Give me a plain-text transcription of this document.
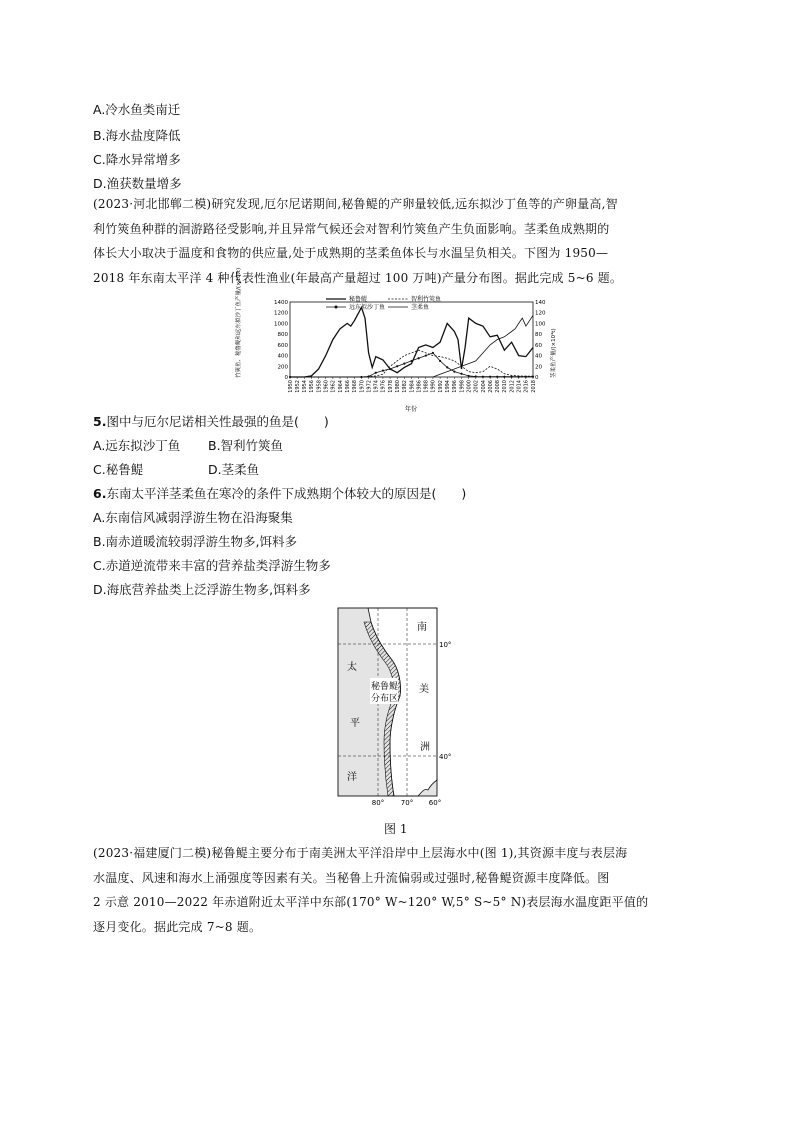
A.冷水鱼类南迁
B.海水盐度降低
C.降水异常增多
D.渔获数量增多
(2023·河北邯郸二模)研究发现,厄尔尼诺期间,秘鲁鳀的产卵量较低,远东拟沙丁鱼等的产卵量高,智
利竹筴鱼种群的洄游路径受影响,并且异常气候还会对智利竹筴鱼产生负面影响。茎柔鱼成熟期的
体长大小取决于温度和食物的供应量,处于成熟期的茎柔鱼体长与水温呈负相关。下图为 1950—
2018 年东南太平洋 4 种代表性渔业(年最高产量超过 100 万吨)产量分布图。据此完成 5~6 题。
秘鲁鳀	智利竹筴鱼
远东拟沙丁鱼	茎柔鱼
1400
1200
1000
800
600
400
200
0
140
120
100
80
60
40
20
0
1950 1952 1954 1956 1958 1960 1962 1964 1966 1968 1970 1972 1974 1976 1978 1980 1982 1984 1986 1988 1990 1992 1994 1996 1998 2000 2002 2004 2006 2008 2010 2012 2014 2016 2018
竹筴鱼、秘鲁鳀和远东拟沙丁鱼产量/(×10⁴t)	茎柔鱼产量/(×10⁴t)
年份
5.图中与厄尔尼诺相关性最强的鱼是(　　)
A.远东拟沙丁鱼 B.智利竹筴鱼
C.秘鲁鳀	D.茎柔鱼
6.东南太平洋茎柔鱼在寒冷的条件下成熟期个体较大的原因是(　　)
A.东南信风减弱浮游生物在沿海聚集
B.南赤道暖流较弱浮游生物多,饵料多
C.赤道逆流带来丰富的营养盐类浮游生物多
D.海底营养盐类上泛浮游生物多,饵料多
南
美
洲
太
平
洋
秘鲁鳀
分布区
10°
40°
80° 70° 60°
图 1
(2023·福建厦门二模)秘鲁鳀主要分布于南美洲太平洋沿岸中上层海水中(图 1),其资源丰度与表层海
水温度、风速和海水上涌强度等因素有关。当秘鲁上升流偏弱或过强时,秘鲁鳀资源丰度降低。图
2 示意 2010—2022 年赤道附近太平洋中东部(170° W~120° W,5° S~5° N)表层海水温度距平值的
逐月变化。据此完成 7~8 题。
